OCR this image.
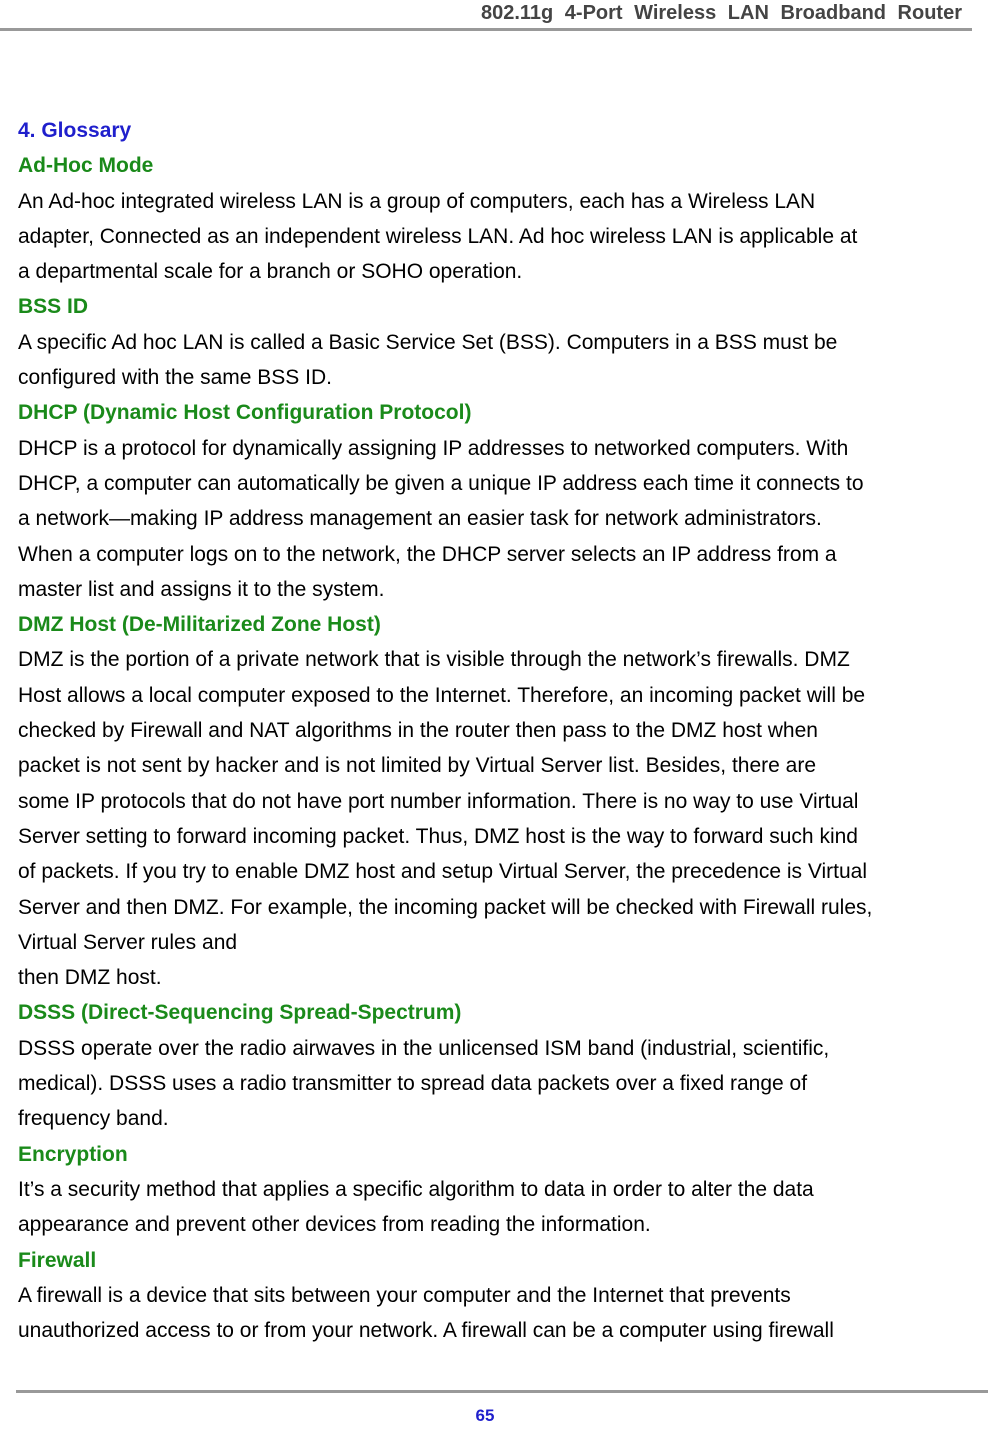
802.11g 4-Port Wireless LAN Broadband Router

4. Glossary

Ad-Hoc Mode

An Ad-hoc integrated wireless LAN is a group of computers, each has a Wireless LAN

adapter, Connected as an independent wireless LAN. Ad hoc wireless LAN is applicable at

a departmental scale for a branch or SOHO operation.

BSS ID

A specific Ad hoc LAN is called a Basic Service Set (BSS). Computers in a BSS must be

configured with the same BSS ID.

DHCP (Dynamic Host Configuration Protocol)

DHCP is a protocol for dynamically assigning IP addresses to networked computers. With

DHCP, a computer can automatically be given a unique IP address each time it connects to

a network—making IP address management an easier task for network administrators.

When a computer logs on to the network, the DHCP server selects an IP address from a

master list and assigns it to the system.

DMZ Host (De-Militarized Zone Host)

DMZ is the portion of a private network that is visible through the network’s firewalls. DMZ

Host allows a local computer exposed to the Internet. Therefore, an incoming packet will be

checked by Firewall and NAT algorithms in the router then pass to the DMZ host when

packet is not sent by hacker and is not limited by Virtual Server list. Besides, there are

some IP protocols that do not have port number information. There is no way to use Virtual

Server setting to forward incoming packet. Thus, DMZ host is the way to forward such kind

of packets. If you try to enable DMZ host and setup Virtual Server, the precedence is Virtual

Server and then DMZ. For example, the incoming packet will be checked with Firewall rules,

Virtual Server rules and

then DMZ host.

DSSS (Direct-Sequencing Spread-Spectrum)

DSSS operate over the radio airwaves in the unlicensed ISM band (industrial, scientific,

medical). DSSS uses a radio transmitter to spread data packets over a fixed range of

frequency band.

Encryption

It’s a security method that applies a specific algorithm to data in order to alter the data

appearance and prevent other devices from reading the information.

Firewall

A firewall is a device that sits between your computer and the Internet that prevents

unauthorized access to or from your network. A firewall can be a computer using firewall

65
